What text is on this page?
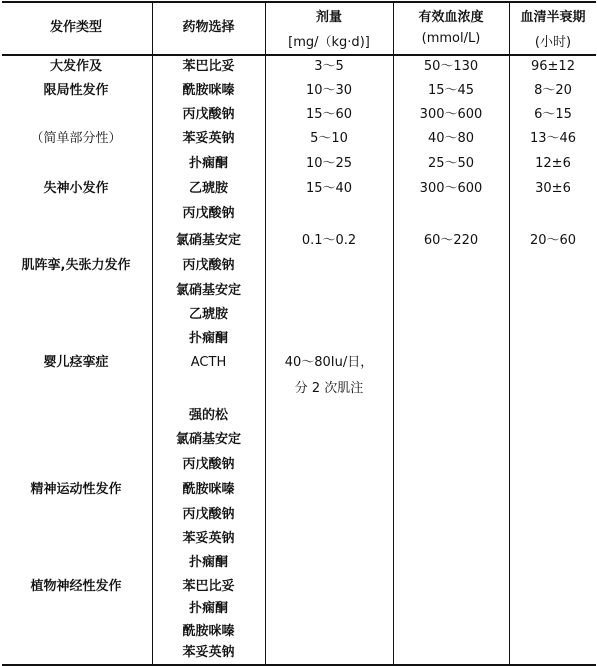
发作类型	药物选择
剂量
[mg/（kg·d)]
有效血浓度
(mmol/L)
血清半衰期
(小时)
大发作及
限局性发作
（简单部分性）
失神小发作
肌阵挛,失张力发作
婴儿痉挛症
精神运动性发作
植物神经性发作
苯巴比妥
酰胺咪嗪
丙戊酸钠
苯妥英钠
扑痫酮
乙琥胺
丙戊酸钠
氯硝基安定
丙戊酸钠
氯硝基安定
乙琥胺
扑痫酮
ACTH
强的松
氯硝基安定
丙戊酸钠
酰胺咪嗪
丙戊酸钠
苯妥英钠
扑痫酮
苯巴比妥
扑痫酮
酰胺咪嗪
苯妥英钠
3～5
10～30
15～60
5～10
10～25
15～40
0.1～0.2
40～80Iu/日，
分 2 次肌注
50～130
15～45
300～600
40～80
25～50
300～600
60～220
96±12
8～20
6～15
13～46
12±6
30±6
20～60
